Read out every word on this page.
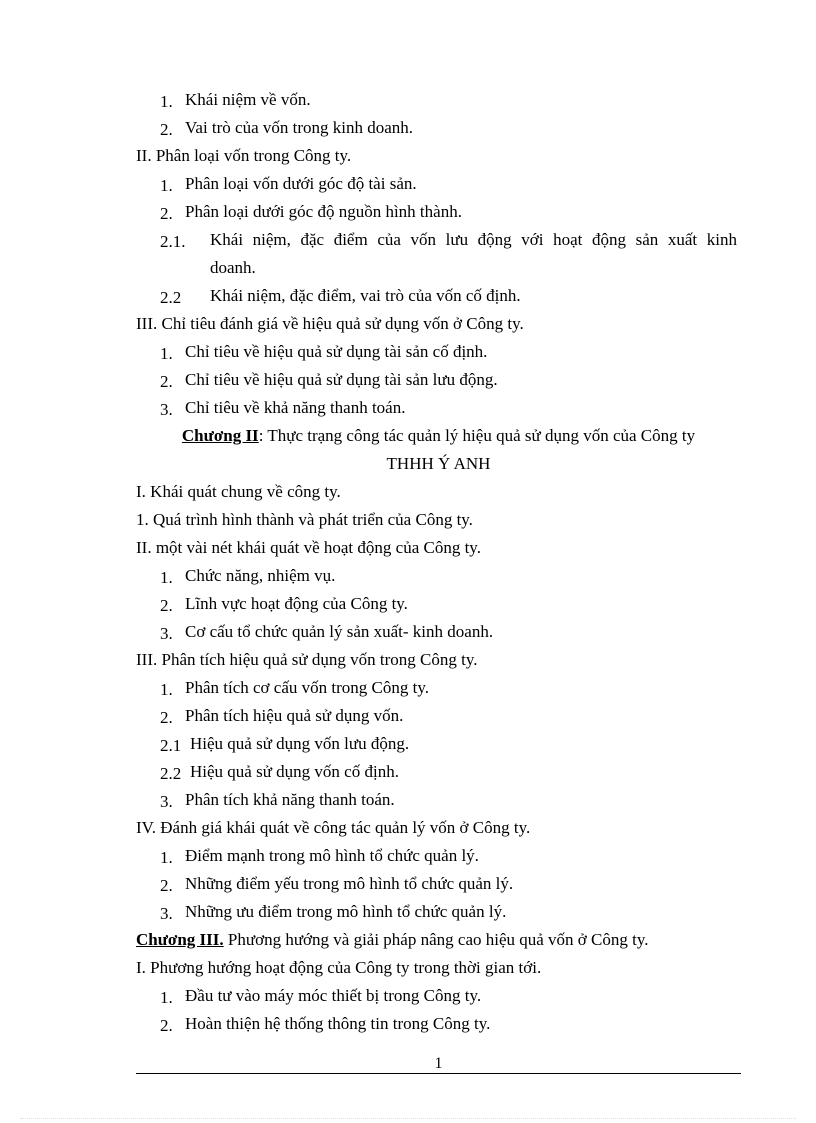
1. Khái niệm về vốn.
2. Vai trò của vốn trong kinh doanh.
II. Phân loại vốn trong Công ty.
1. Phân loại vốn dưới góc độ tài sản.
2. Phân loại dưới góc độ nguồn hình thành.
2.1.	Khái niệm, đặc điểm của vốn lưu động với hoạt động sản xuất kinh
doanh.
2.2	Khái niệm, đặc điểm, vai trò của vốn cố định.
III. Chỉ tiêu đánh giá về hiệu quả sử dụng vốn ở Công ty.
1. Chỉ tiêu về hiệu quả sử dụng tài sản cố định.
2. Chỉ tiêu về hiệu quả sử dụng tài sản lưu động.
3. Chỉ tiêu về khả năng thanh toán.
Chương II: Thực trạng công tác quản lý hiệu quả sử dụng vốn của Công ty
THHH Ý ANH
I. Khái quát chung về công ty.
1. Quá trình hình thành và phát triển của Công ty.
II. một vài nét khái quát về hoạt động của Công ty.
1. Chức năng, nhiệm vụ.
2. Lĩnh vực hoạt động của Công ty.
3. Cơ cấu tổ chức quản lý sản xuất- kinh doanh.
III. Phân tích hiệu quả sử dụng vốn trong Công ty.
1. Phân tích cơ cấu vốn trong Công ty.
2. Phân tích hiệu quả sử dụng vốn.
2.1 Hiệu quả sử dụng vốn lưu động.
2.2 Hiệu quả sử dụng vốn cố định.
3. Phân tích khả năng thanh toán.
IV. Đánh giá khái quát về công tác quản lý vốn ở Công ty.
1. Điểm mạnh trong mô hình tổ chức quản lý.
2. Những điểm yếu trong mô hình tổ chức quản lý.
3. Những ưu điểm trong mô hình tổ chức quản lý.
Chương III. Phương hướng và giải pháp nâng cao hiệu quả vốn ở Công ty.
I. Phương hướng hoạt động của Công ty trong thời gian tới.
1. Đầu tư vào máy móc thiết bị trong Công ty.
2. Hoàn thiện hệ thống thông tin trong Công ty.
1
